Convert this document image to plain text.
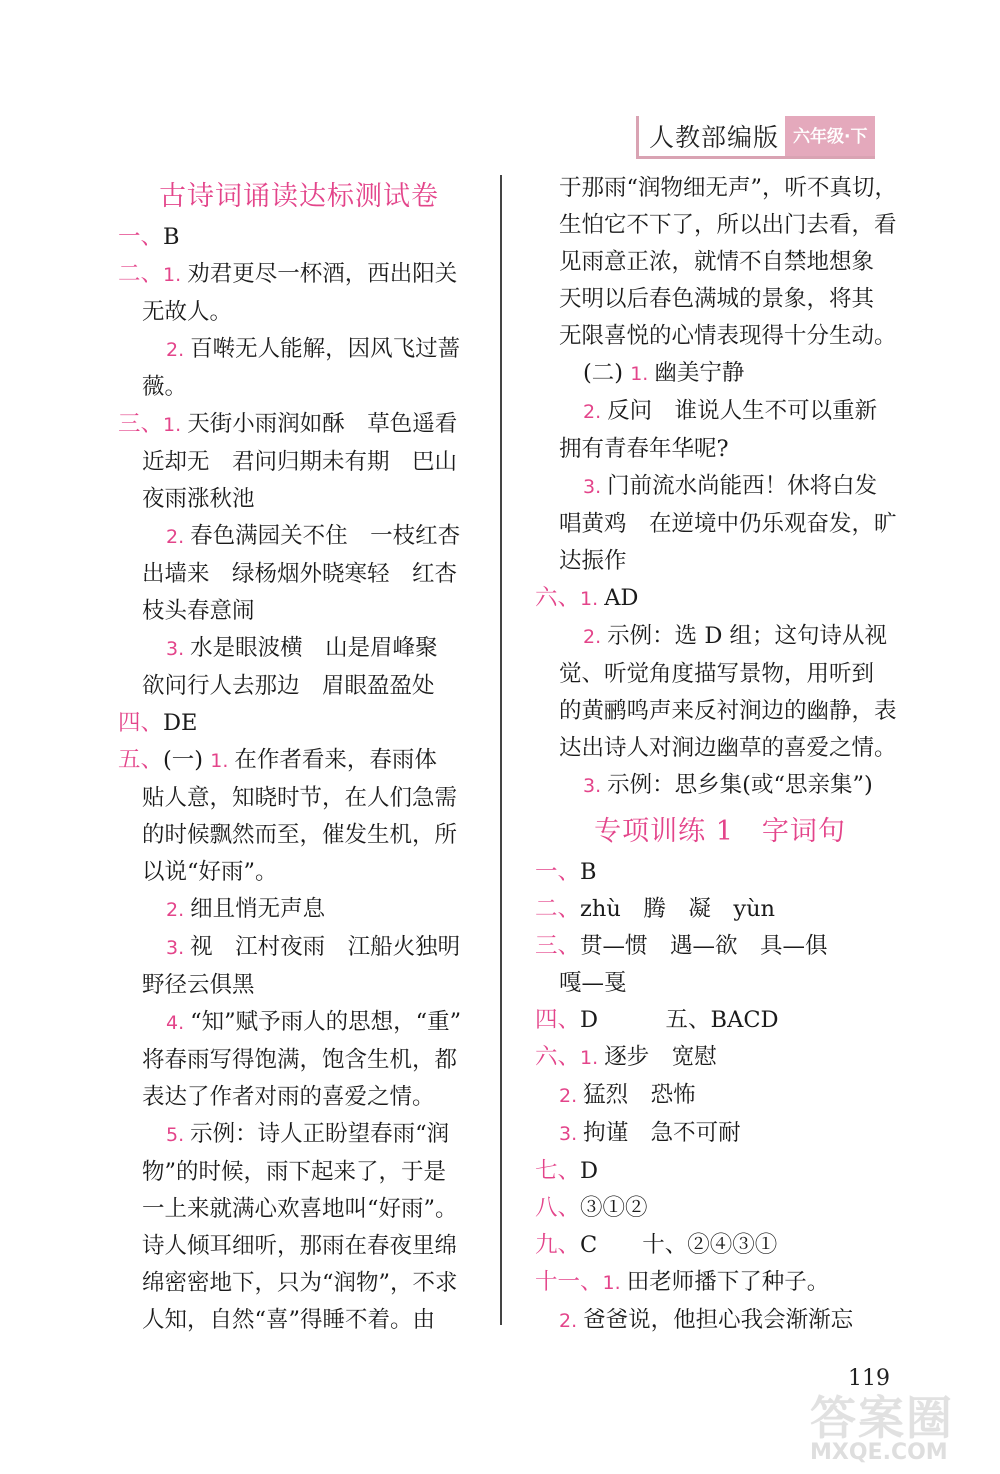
人教部编版 六年级·下
古诗词诵读达标测试卷
一、B
二、1. 劝君更尽一杯酒，西出阳关
无故人。
2. 百啭无人能解，因风飞过蔷
薇。
三、1. 天街小雨润如酥　草色遥看
近却无　君问归期未有期　巴山
夜雨涨秋池
2. 春色满园关不住　一枝红杏
出墙来　绿杨烟外晓寒轻　红杏
枝头春意闹
3. 水是眼波横　山是眉峰聚
欲问行人去那边　眉眼盈盈处
四、DE
五、(一) 1. 在作者看来，春雨体
贴人意，知晓时节，在人们急需
的时候飘然而至，催发生机，所
以说“好雨”。
2. 细且悄无声息
3. 视　江村夜雨　江船火独明
野径云俱黑
4. “知”赋予雨人的思想，“重”
将春雨写得饱满，饱含生机，都
表达了作者对雨的喜爱之情。
5. 示例：诗人正盼望春雨“润
物”的时候，雨下起来了，于是
一上来就满心欢喜地叫“好雨”。
诗人倾耳细听，那雨在春夜里绵
绵密密地下，只为“润物”，不求
人知，自然“喜”得睡不着。由
于那雨“润物细无声”，听不真切，
生怕它不下了，所以出门去看，看
见雨意正浓，就情不自禁地想象
天明以后春色满城的景象，将其
无限喜悦的心情表现得十分生动。
(二) 1. 幽美宁静
2. 反问　谁说人生不可以重新
拥有青春年华呢?
3. 门前流水尚能西！休将白发
唱黄鸡　在逆境中仍乐观奋发，旷
达振作
六、1. AD
2. 示例：选 D 组；这句诗从视
觉、听觉角度描写景物，用听到
的黄鹂鸣声来反衬涧边的幽静，表
达出诗人对涧边幽草的喜爱之情。
3. 示例：思乡集(或“思亲集”)
专项训练 1　字词句
一、B
二、zhù　腾　凝　yùn
三、贯—惯　遇—欲　具—俱
嘎—戛
四、D　　　五、BACD
六、1. 逐步　宽慰
2. 猛烈　恐怖
3. 拘谨　急不可耐
七、D
八、③①②
九、C　　十、②④③①
十一、1. 田老师播下了种子。
2. 爸爸说，他担心我会渐渐忘
119
答案圈
MXQE.COM
